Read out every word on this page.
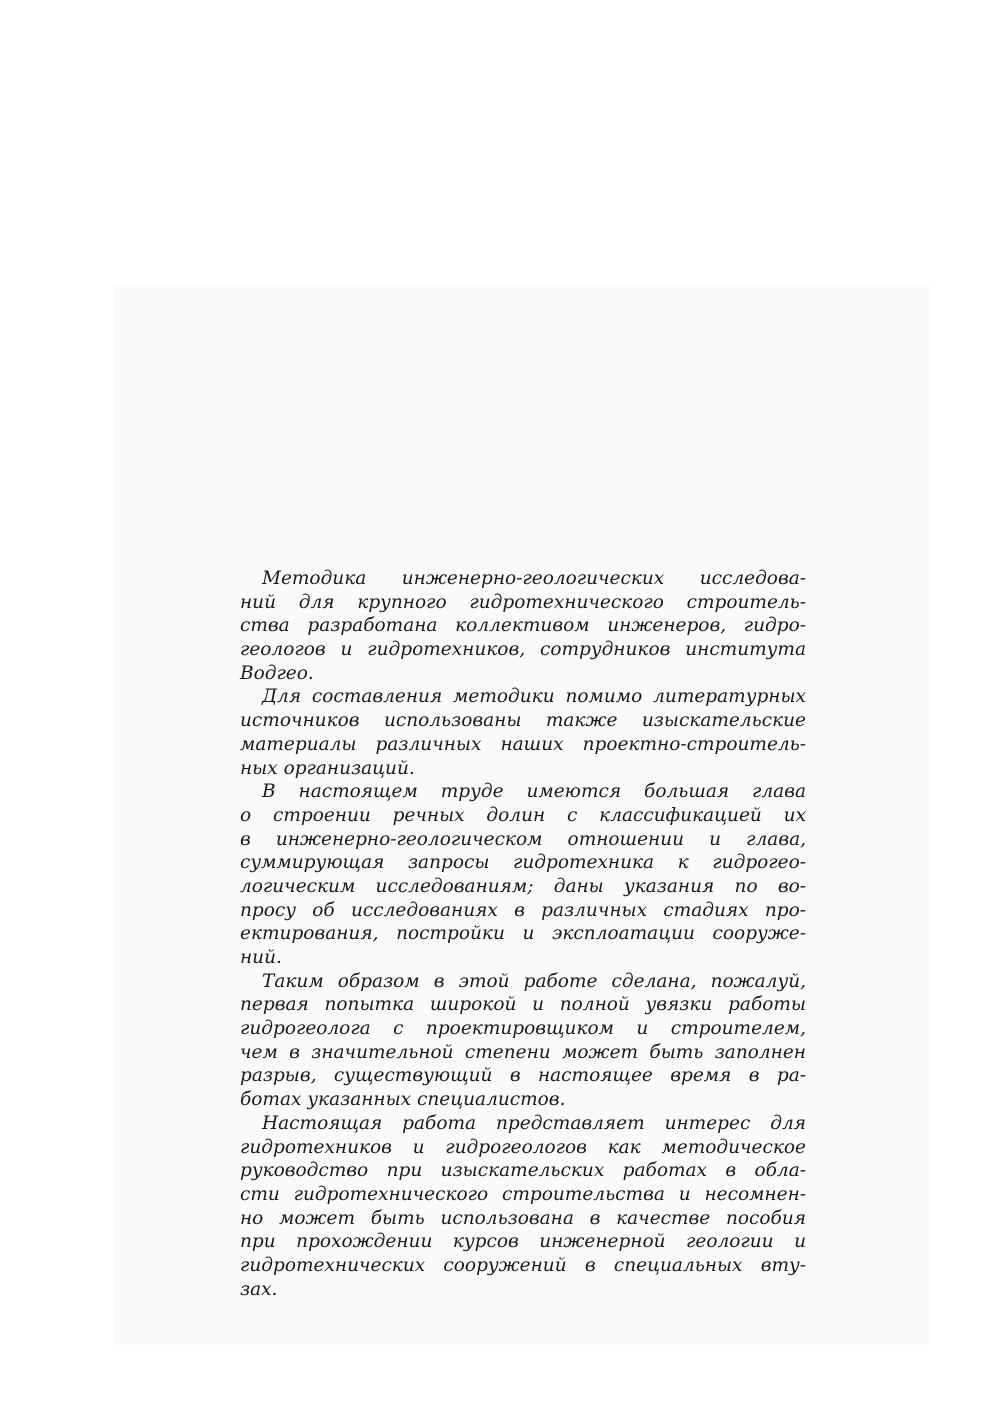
Методика инженерно-геологических исследова-
ний для крупного гидротехнического строитель-
ства разработана коллективом инженеров, гидро-
геологов и гидротехников, сотрудников института
Водгео.
Для составления методики помимо литературных
источников использованы также изыскательские
материалы различных наших проектно-строитель-
ных организаций.
В настоящем труде имеются большая глава
о строении речных долин с классификацией их
в инженерно-геологическом отношении и глава,
суммирующая запросы гидротехника к гидрогео-
логическим исследованиям; даны указания по во-
просу об исследованиях в различных стадиях про-
ектирования, постройки и эксплоатации сооруже-
ний.
Таким образом в этой работе сделана, пожалуй,
первая попытка широкой и полной увязки работы
гидрогеолога с проектировщиком и строителем,
чем в значительной степени может быть заполнен
разрыв, существующий в настоящее время в ра-
ботах указанных специалистов.
Настоящая работа представляет интерес для
гидротехников и гидрогеологов как методическое
руководство при изыскательских работах в обла-
сти гидротехнического строительства и несомнен-
но может быть использована в качестве пособия
при прохождении курсов инженерной геологии и
гидротехнических сооружений в специальных вту-
зах.
